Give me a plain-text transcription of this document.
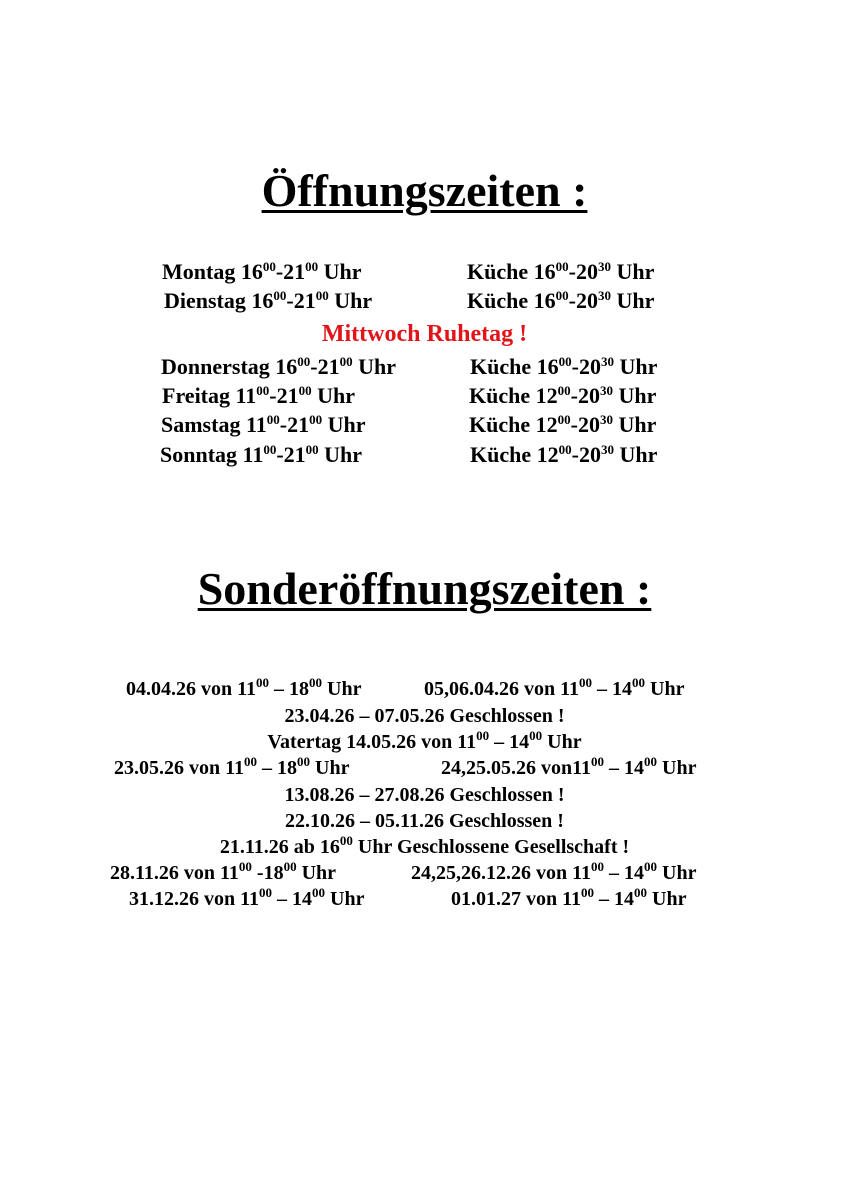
Öffnungszeiten :
Montag $16^{00}-21^{00}$ Uhr	Küche $16^{00}-20^{30}$ Uhr
Dienstag $16^{00}-21^{00}$ Uhr	Küche $16^{00}-20^{30}$ Uhr
Donnerstag $16^{00}-21^{00}$ Uhr	Küche $16^{00}-20^{30}$ Uhr
Freitag $11^{00}-21^{00}$ Uhr	Küche $12^{00}-20^{30}$ Uhr
Samstag $11^{00}-21^{00}$ Uhr	Küche $12^{00}-20^{30}$ Uhr
Sonntag $11^{00}-21^{00}$ Uhr	Küche $12^{00}-20^{30}$ Uhr
Mittwoch Ruhetag !
Sonderöffnungszeiten :
04.04.26 von $11^{00} - 18^{00}$ Uhr	05,06.04.26 von $11^{00} - 14^{00}$ Uhr
23.04.26 – 07.05.26 Geschlossen !
Vatertag 14.05.26 von $11^{00} - 14^{00}$ Uhr
23.05.26 von $11^{00} - 18^{00}$ Uhr	24,25.05.26 $von11^{00} - 14^{00}$ Uhr
13.08.26 – 27.08.26 Geschlossen !
22.10.26 – 05.11.26 Geschlossen !
21.11.26 ab $16^{00}$ Uhr Geschlossene Gesellschaft !
28.11.26 von $11^{00}$ $-18^{00}$ Uhr	24,25,26.12.26 von $11^{00} - 14^{00}$ Uhr
31.12.26 von $11^{00} - 14^{00}$ Uhr	01.01.27 von $11^{00} - 14^{00}$ Uhr
